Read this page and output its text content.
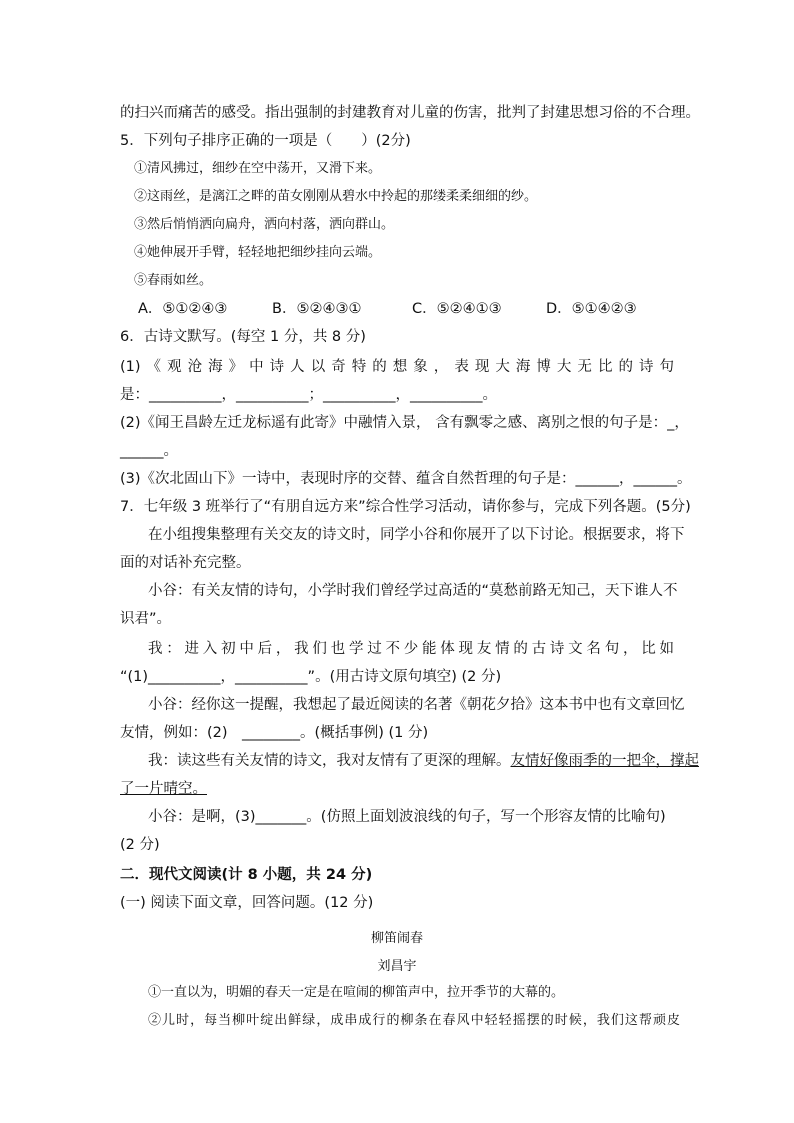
的扫兴而痛苦的感受。指出强制的封建教育对儿童的伤害，批判了封建思想习俗的不合理。
5．下列句子排序正确的一项是（　　）(2分)
①清风拂过，细纱在空中荡开，又滑下来。
②这雨丝，是漓江之畔的苗女刚刚从碧水中拎起的那缕柔柔细细的纱。
③然后悄悄洒向扁舟，洒向村落，洒向群山。
④她伸展开手臂，轻轻地把细纱挂向云端。
⑤春雨如丝。
A．⑤①②④③	B．⑤②④③①	C．⑤②④①③	D．⑤①④②③
6．古诗文默写。(每空 1 分，共 8 分)
(1)《观沧海》中诗人以奇特的想象，表现大海博大无比的诗句
是：__________，__________；__________，__________。
(2)《闻王昌龄左迁龙标遥有此寄》中融情入景， 含有飘零之感、离别之恨的句子是：_，
______。
(3)《次北固山下》一诗中，表现时序的交替、蕴含自然哲理的句子是：______，______。
7．七年级 3 班举行了“有朋自远方来”综合性学习活动，请你参与，完成下列各题。(5分)
在小组搜集整理有关交友的诗文时，同学小谷和你展开了以下讨论。根据要求，将下
面的对话补充完整。
小谷：有关友情的诗句，小学时我们曾经学过高适的“莫愁前路无知己，天下谁人不
识君”。
我：进入初中后，我们也学过不少能体现友情的古诗文名句，比如
“(1)__________，__________”。(用古诗文原句填空) (2 分)
小谷：经你这一提醒，我想起了最近阅读的名著《朝花夕拾》这本书中也有文章回忆
友情，例如：(2)　________。(概括事例) (1 分)
我：读这些有关友情的诗文，我对友情有了更深的理解。友情好像雨季的一把伞，撑起
了一片晴空。
小谷：是啊，(3)_______。(仿照上面划波浪线的句子，写一个形容友情的比喻句)
(2 分)
二．现代文阅读(计 8 小题，共 24 分)
(一) 阅读下面文章，回答问题。(12 分)
柳笛闹春
刘昌宇
①一直以为，明媚的春天一定是在喧闹的柳笛声中，拉开季节的大幕的。
②儿时，每当柳叶绽出鲜绿，成串成行的柳条在春风中轻轻摇摆的时候，我们这帮顽皮
